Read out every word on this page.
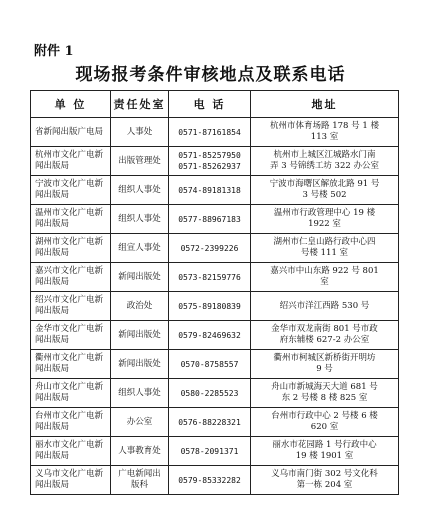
附件 1
现场报考条件审核地点及联系电话
单 位	责任处室	电 话	地址

省新闻出版广电局	人事处	0571-87161854	杭州市体育场路 178 号 1 楼
113 室

杭州市文化广电新
闻出版局	出版管理处	0571-85257950
0571-85262937	杭州市上城区江城路水门南
弄 3 号锦绣工坊 322 办公室

宁波市文化广电新
闻出版局	组织人事处	0574-89181318	宁波市海曙区解放北路 91 号
3 号楼 502

温州市文化广电新
闻出版局	组织人事处	0577-88967183	温州市行政管理中心 19 楼
1922 室

湖州市文化广电新
闻出版局	组宣人事处	0572-2399226	湖州市仁皇山路行政中心四
号楼 111 室

嘉兴市文化广电新
闻出版局	新闻出版处	0573-82159776	嘉兴市中山东路 922 号 801
室

绍兴市文化广电新
闻出版局	政治处	0575-89180839	绍兴市洋江西路 530 号

金华市文化广电新
闻出版局	新闻出版处	0579-82469632	金华市双龙南街 801 号市政
府东辅楼 627-2 办公室

衢州市文化广电新
闻出版局	新闻出版处	0570-8758557	衢州市柯城区新桥街开明坊
9 号

舟山市文化广电新
闻出版局	组织人事处	0580-2285523	舟山市新城海天大道 681 号
东 2 号楼 8 楼 825 室

台州市文化广电新
闻出版局	办公室	0576-88228321	台州市行政中心 2 号楼 6 楼
620 室

丽水市文化广电新
闻出版局	人事教育处	0578-2091371	丽水市花园路 1 号行政中心
19 楼 1901 室

义乌市文化广电新
闻出版局	广电新闻出
版科	0579-85332282	义乌市南门街 302 号文化科
第一栋 204 室
